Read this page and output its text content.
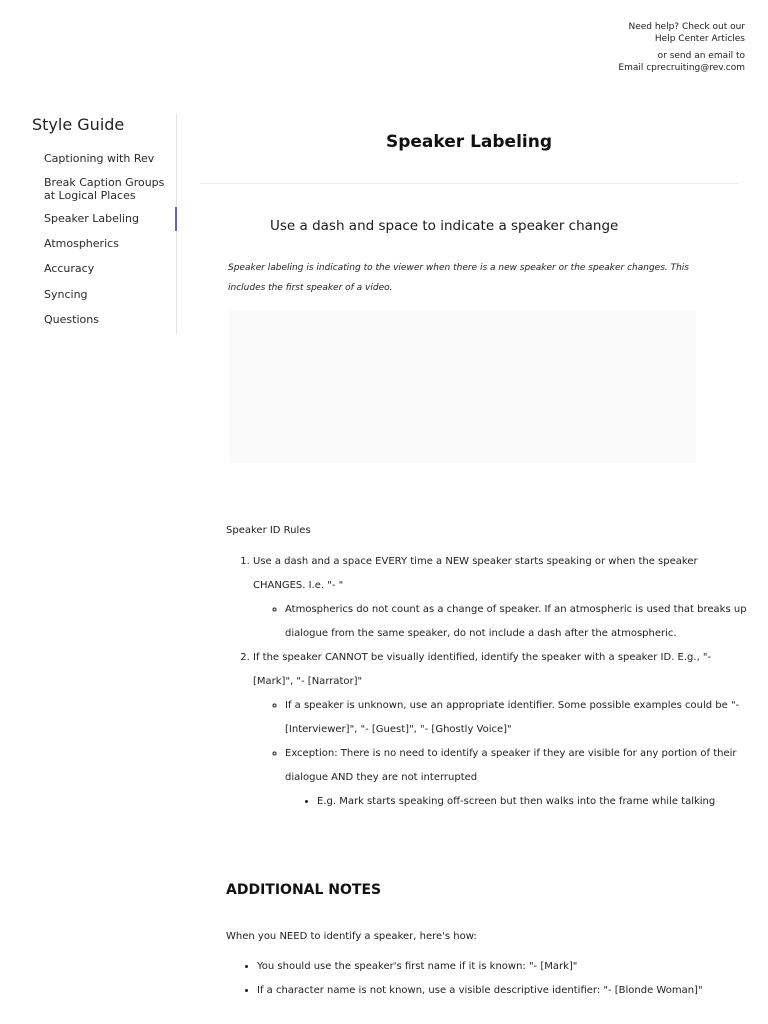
Need help? Check out our
Help Center Articles
or send an email to
Email cprecruiting@rev.com
Style Guide
Captioning with Rev
Break Caption Groups at Logical Places
Speaker Labeling
Atmospherics
Accuracy
Syncing
Questions
Speaker Labeling
Use a dash and space to indicate a speaker change

Speaker labeling is indicating to the viewer when there is a new speaker or the speaker changes. This includes the first speaker of a video.

Speaker ID Rules

1. Use a dash and a space EVERY time a NEW speaker starts speaking or when the speaker CHANGES. I.e. "- "
◦ Atmospherics do not count as a change of speaker. If an atmospheric is used that breaks up dialogue from the same speaker, do not include a dash after the atmospheric.
2. If the speaker CANNOT be visually identified, identify the speaker with a speaker ID. E.g., "- [Mark]", "- [Narrator]"
◦ If a speaker is unknown, use an appropriate identifier. Some possible examples could be "- [Interviewer]", "- [Guest]", "- [Ghostly Voice]"
◦ Exception: There is no need to identify a speaker if they are visible for any portion of their dialogue AND they are not interrupted
• E.g. Mark starts speaking off-screen but then walks into the frame while talking
ADDITIONAL NOTES

When you NEED to identify a speaker, here's how:

• You should use the speaker's first name if it is known: "- [Mark]"
• If a character name is not known, use a visible descriptive identifier: "- [Blonde Woman]"
